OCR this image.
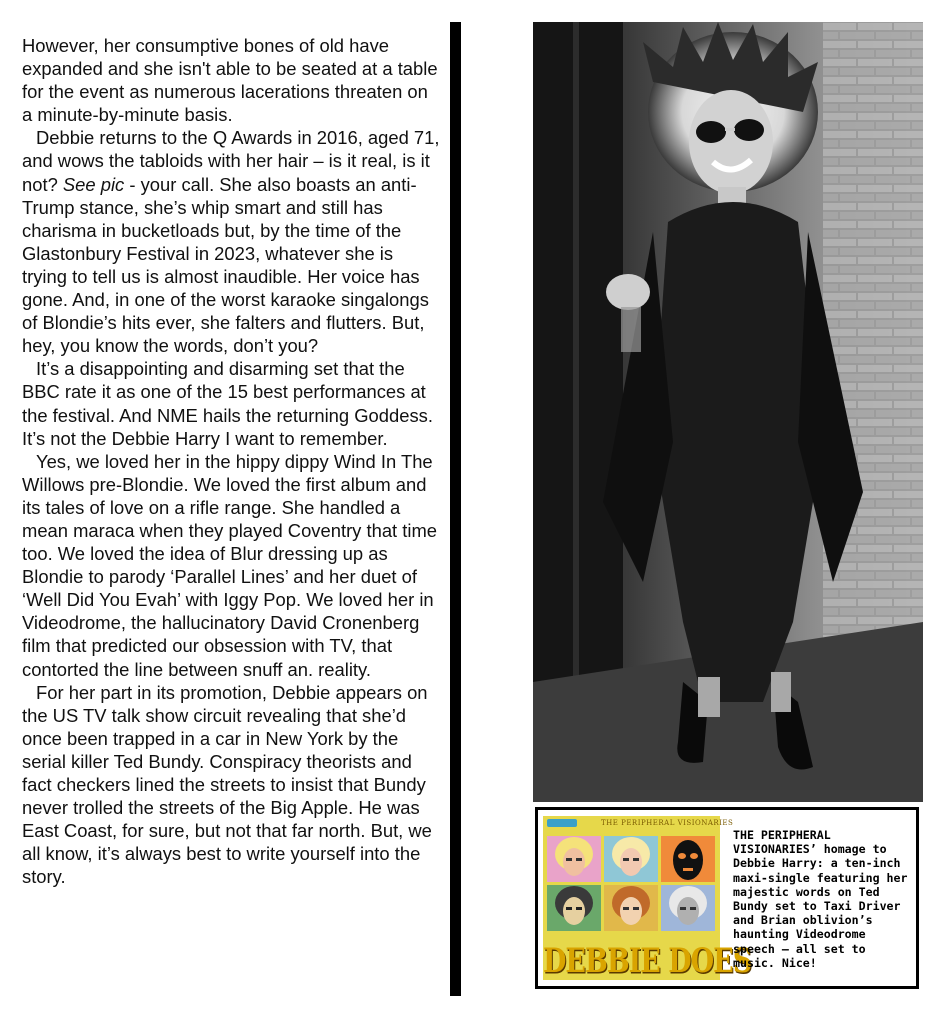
However, her consumptive bones of old have expanded and she isn't able to be seated at a table for the event as numerous lacerations threaten on a minute-by-minute basis.

Debbie returns to the Q Awards in 2016, aged 71, and wows the tabloids with her hair – is it real, is it not? See pic - your call. She also boasts an anti-Trump stance, she’s whip smart and still has charisma in bucketloads but, by the time of the Glastonbury Festival in 2023, whatever she is trying to tell us is almost inaudible. Her voice has gone. And, in one of the worst karaoke singalongs of Blondie’s hits ever, she falters and flutters. But, hey, you know the words, don’t you?

It’s a disappointing and disarming set that the BBC rate it as one of the 15 best performances at the festival. And NME hails the returning Goddess. It’s not the Debbie Harry I want to remember.

Yes, we loved her in the hippy dippy Wind In The Willows pre-Blondie. We loved the first album and its tales of love on a rifle range. She handled a mean maraca when they played Coventry that time too. We loved the idea of Blur dressing up as Blondie to parody ‘Parallel Lines’ and her duet of ‘Well Did You Evah’ with Iggy Pop. We loved her in Videodrome, the hallucinatory David Cronenberg film that predicted our obsession with TV, that contorted the line between snuff an. reality.

For her part in its promotion, Debbie appears on the US TV talk show circuit revealing that she’d once been trapped in a car in New York by the serial killer Ted Bundy. Conspiracy theorists and fact checkers lined the streets to insist that Bundy never trolled the streets of the Big Apple. He was East Coast, for sure, but not that far north. But, we all know, it’s always best to write yourself into the story.

THE PERIPHERAL VISIONARIES
DEBBIE DOES
THE PERIPHERAL VISIONARIES’ homage to Debbie Harry: a ten-inch maxi-single featuring her majestic words on Ted Bundy set to Taxi Driver and Brian oblivion’s haunting Videodrome speech – all set to music. Nice!
